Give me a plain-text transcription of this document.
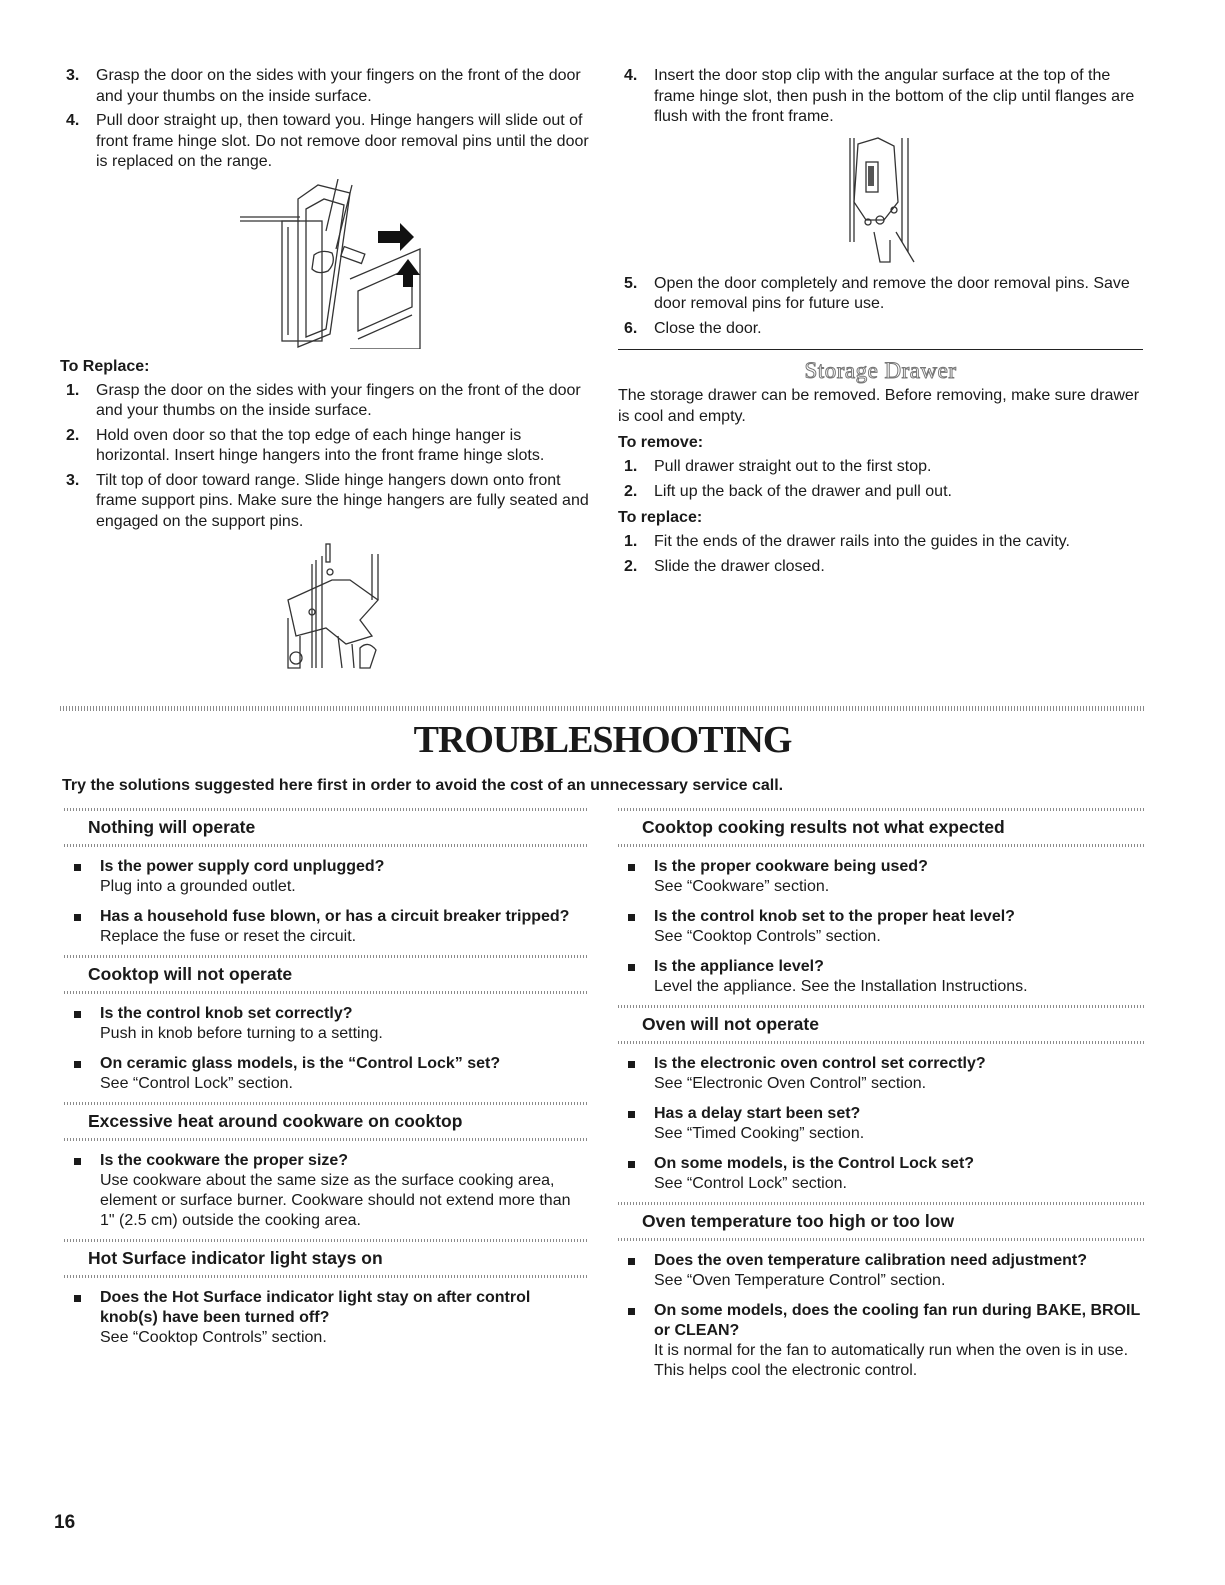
3. Grasp the door on the sides with your fingers on the front of the door and your thumbs on the inside surface.
4. Pull door straight up, then toward you. Hinge hangers will slide out of front frame hinge slot. Do not remove door removal pins until the door is replaced on the range.
To Replace:
1. Grasp the door on the sides with your fingers on the front of the door and your thumbs on the inside surface.
2. Hold oven door so that the top edge of each hinge hanger is horizontal. Insert hinge hangers into the front frame hinge slots.
3. Tilt top of door toward range. Slide hinge hangers down onto front frame support pins. Make sure the hinge hangers are fully seated and engaged on the support pins.
4. Insert the door stop clip with the angular surface at the top of the frame hinge slot, then push in the bottom of the clip until flanges are flush with the front frame.
5. Open the door completely and remove the door removal pins. Save door removal pins for future use.
6. Close the door.
Storage Drawer
The storage drawer can be removed. Before removing, make sure drawer is cool and empty.
To remove:
1. Pull drawer straight out to the first stop.
2. Lift up the back of the drawer and pull out.
To replace:
1. Fit the ends of the drawer rails into the guides in the cavity.
2. Slide the drawer closed.
TROUBLESHOOTING
Try the solutions suggested here first in order to avoid the cost of an unnecessary service call.
Nothing will operate
Is the power supply cord unplugged?
Plug into a grounded outlet.
Has a household fuse blown, or has a circuit breaker tripped?
Replace the fuse or reset the circuit.
Cooktop will not operate
Is the control knob set correctly?
Push in knob before turning to a setting.
On ceramic glass models, is the “Control Lock” set?
See “Control Lock” section.
Excessive heat around cookware on cooktop
Is the cookware the proper size?
Use cookware about the same size as the surface cooking area, element or surface burner. Cookware should not extend more than 1" (2.5 cm) outside the cooking area.
Hot Surface indicator light stays on
Does the Hot Surface indicator light stay on after control knob(s) have been turned off?
See “Cooktop Controls” section.
Cooktop cooking results not what expected
Is the proper cookware being used?
See “Cookware” section.
Is the control knob set to the proper heat level?
See “Cooktop Controls” section.
Is the appliance level?
Level the appliance. See the Installation Instructions.
Oven will not operate
Is the electronic oven control set correctly?
See “Electronic Oven Control” section.
Has a delay start been set?
See “Timed Cooking” section.
On some models, is the Control Lock set?
See “Control Lock” section.
Oven temperature too high or too low
Does the oven temperature calibration need adjustment?
See “Oven Temperature Control” section.
On some models, does the cooling fan run during BAKE, BROIL or CLEAN?
It is normal for the fan to automatically run when the oven is in use. This helps cool the electronic control.
16
